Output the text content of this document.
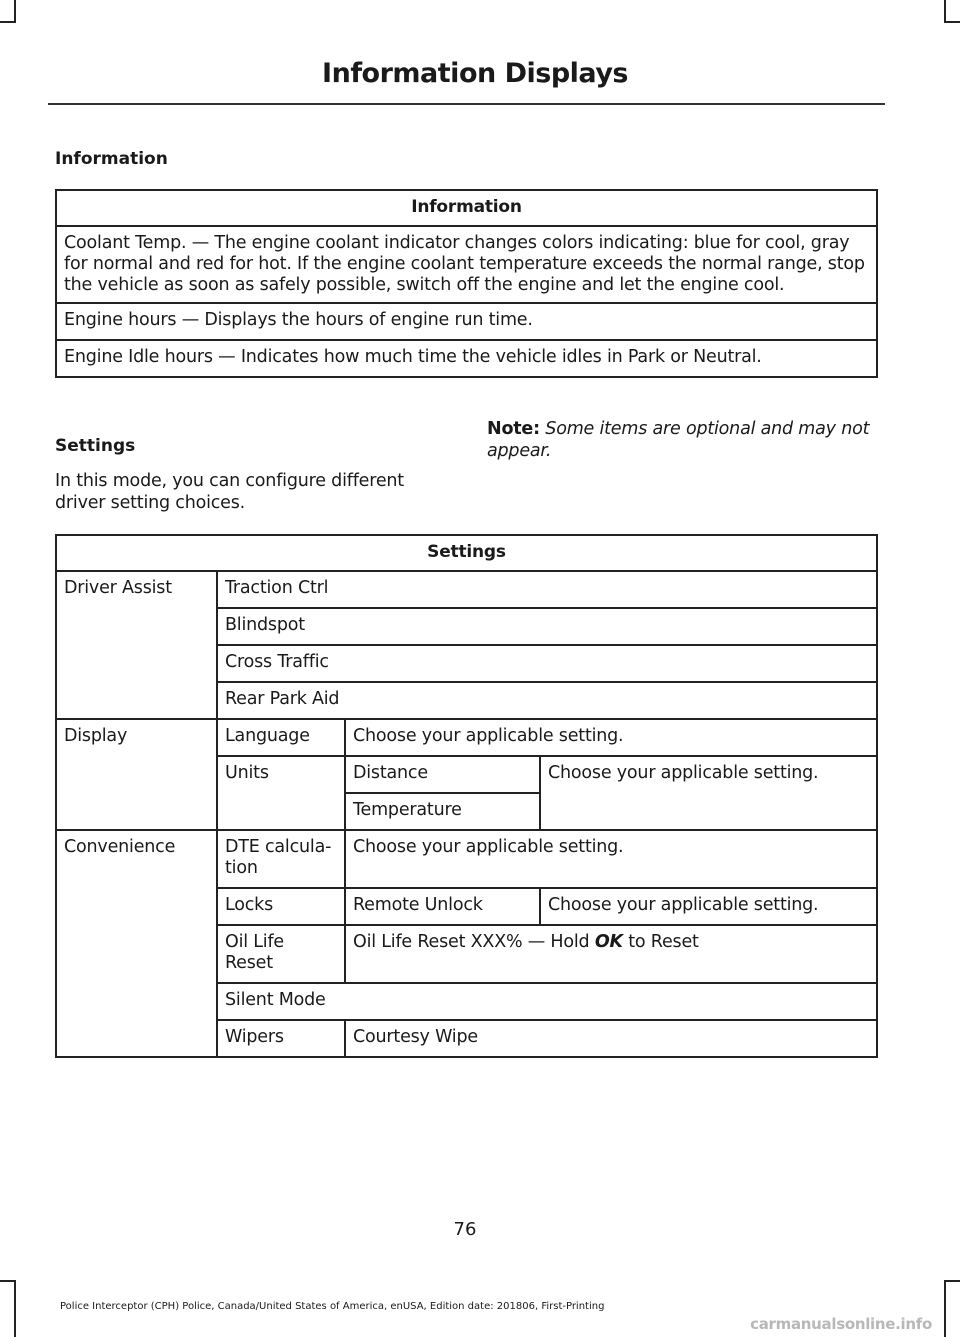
Information Displays
Information
Information
Coolant Temp. — The engine coolant indicator changes colors indicating: blue for cool, gray for normal and red for hot. If the engine coolant temperature exceeds the normal range, stop the vehicle as soon as safely possible, switch off the engine and let the engine cool.
Engine hours — Displays the hours of engine run time.
Engine Idle hours — Indicates how much time the vehicle idles in Park or Neutral.
Settings
In this mode, you can configure different driver setting choices.
Note: Some items are optional and may not appear.
Settings			
Driver Assist	Traction Ctrl		
	Blindspot		
	Cross Traffic		
	Rear Park Aid		
Display	Language	Choose your applicable setting.	
	Units	Distance	Choose your applicable setting.
		Temperature	
Convenience	DTE calcula-tion	Choose your applicable setting.	
	Locks	Remote Unlock	Choose your applicable setting.
	Oil Life Reset	Oil Life Reset XXX% — Hold OK to Reset	
	Silent Mode		
	Wipers	Courtesy Wipe	
76
Police Interceptor (CPH) Police, Canada/United States of America, enUSA, Edition date: 201806, First-Printing
carmanualsonline.info
